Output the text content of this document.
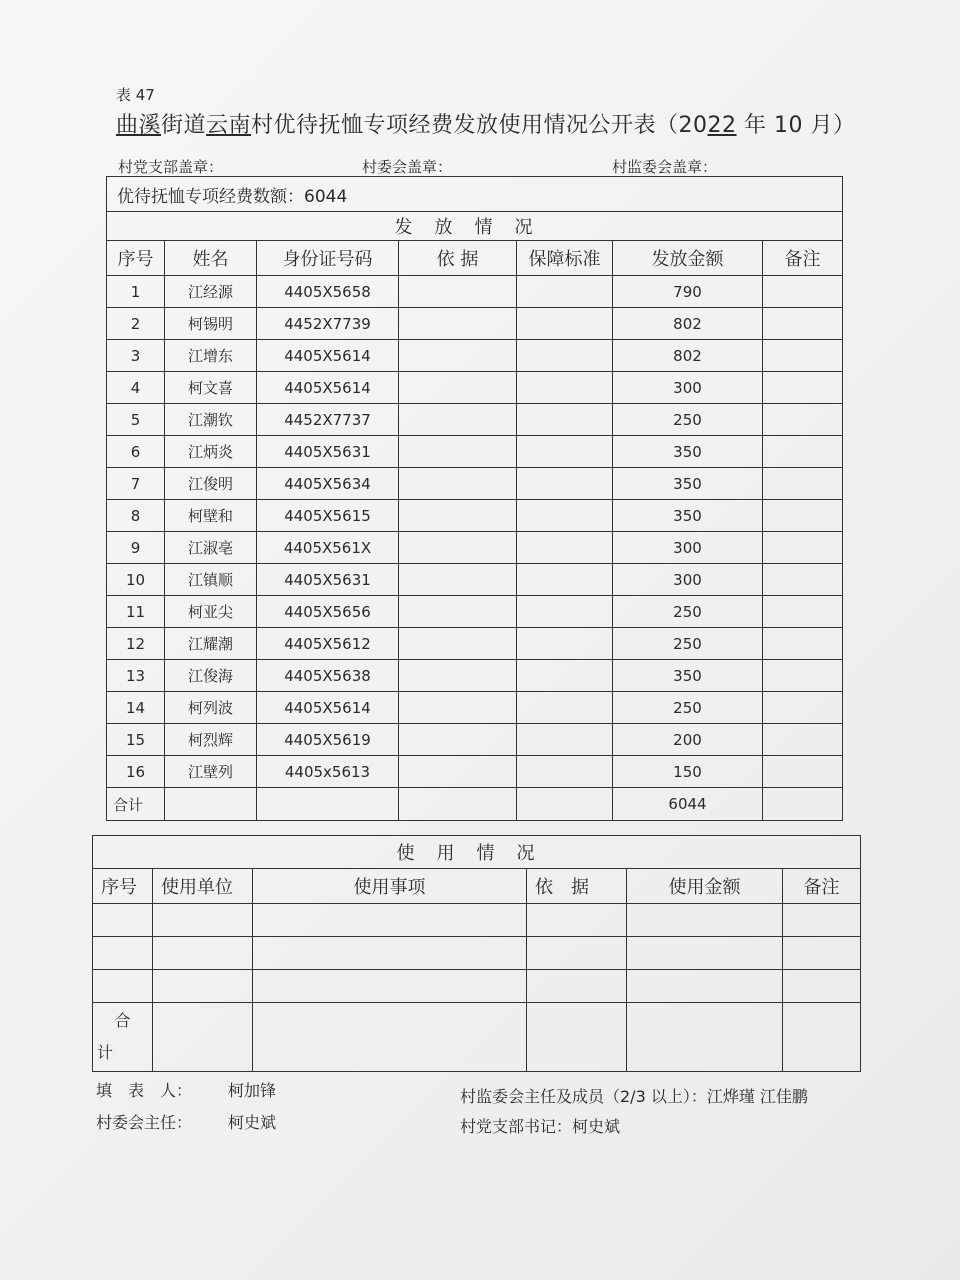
表 47
曲溪街道云南村优待抚恤专项经费发放使用情况公开表（2022 年 10 月）
村党支部盖章：	村委会盖章：	村监委会盖章：
优待抚恤专项经费数额：6044						
发放情况						
序号	姓名	身份证号码	依 据	保障标准	发放金额	备注
1	江经源	4405X5658			790	
2	柯锡明	4452X7739			802	
3	江增东	4405X5614			802	
4	柯文喜	4405X5614			300	
5	江潮钦	4452X7737			250	
6	江炳炎	4405X5631			350	
7	江俊明	4405X5634			350	
8	柯壁和	4405X5615			350	
9	江淑亳	4405X561X			300	
10	江镇顺	4405X5631			300	
11	柯亚尖	4405X5656			250	
12	江耀潮	4405X5612			250	
13	江俊海	4405X5638			350	
14	柯列波	4405X5614			250	
15	柯烈辉	4405X5619			200	
16	江壁列	4405x5613			150	
合计					6044	
使用情况					
序号	使用单位	使用事项	依　据	使用金额	备注

合
计					

填　表　人： 柯加锋
村委会主任： 柯史斌
村监委会主任及成员（2/3 以上）：江烨瑾 江佳鹏
村党支部书记：柯史斌
